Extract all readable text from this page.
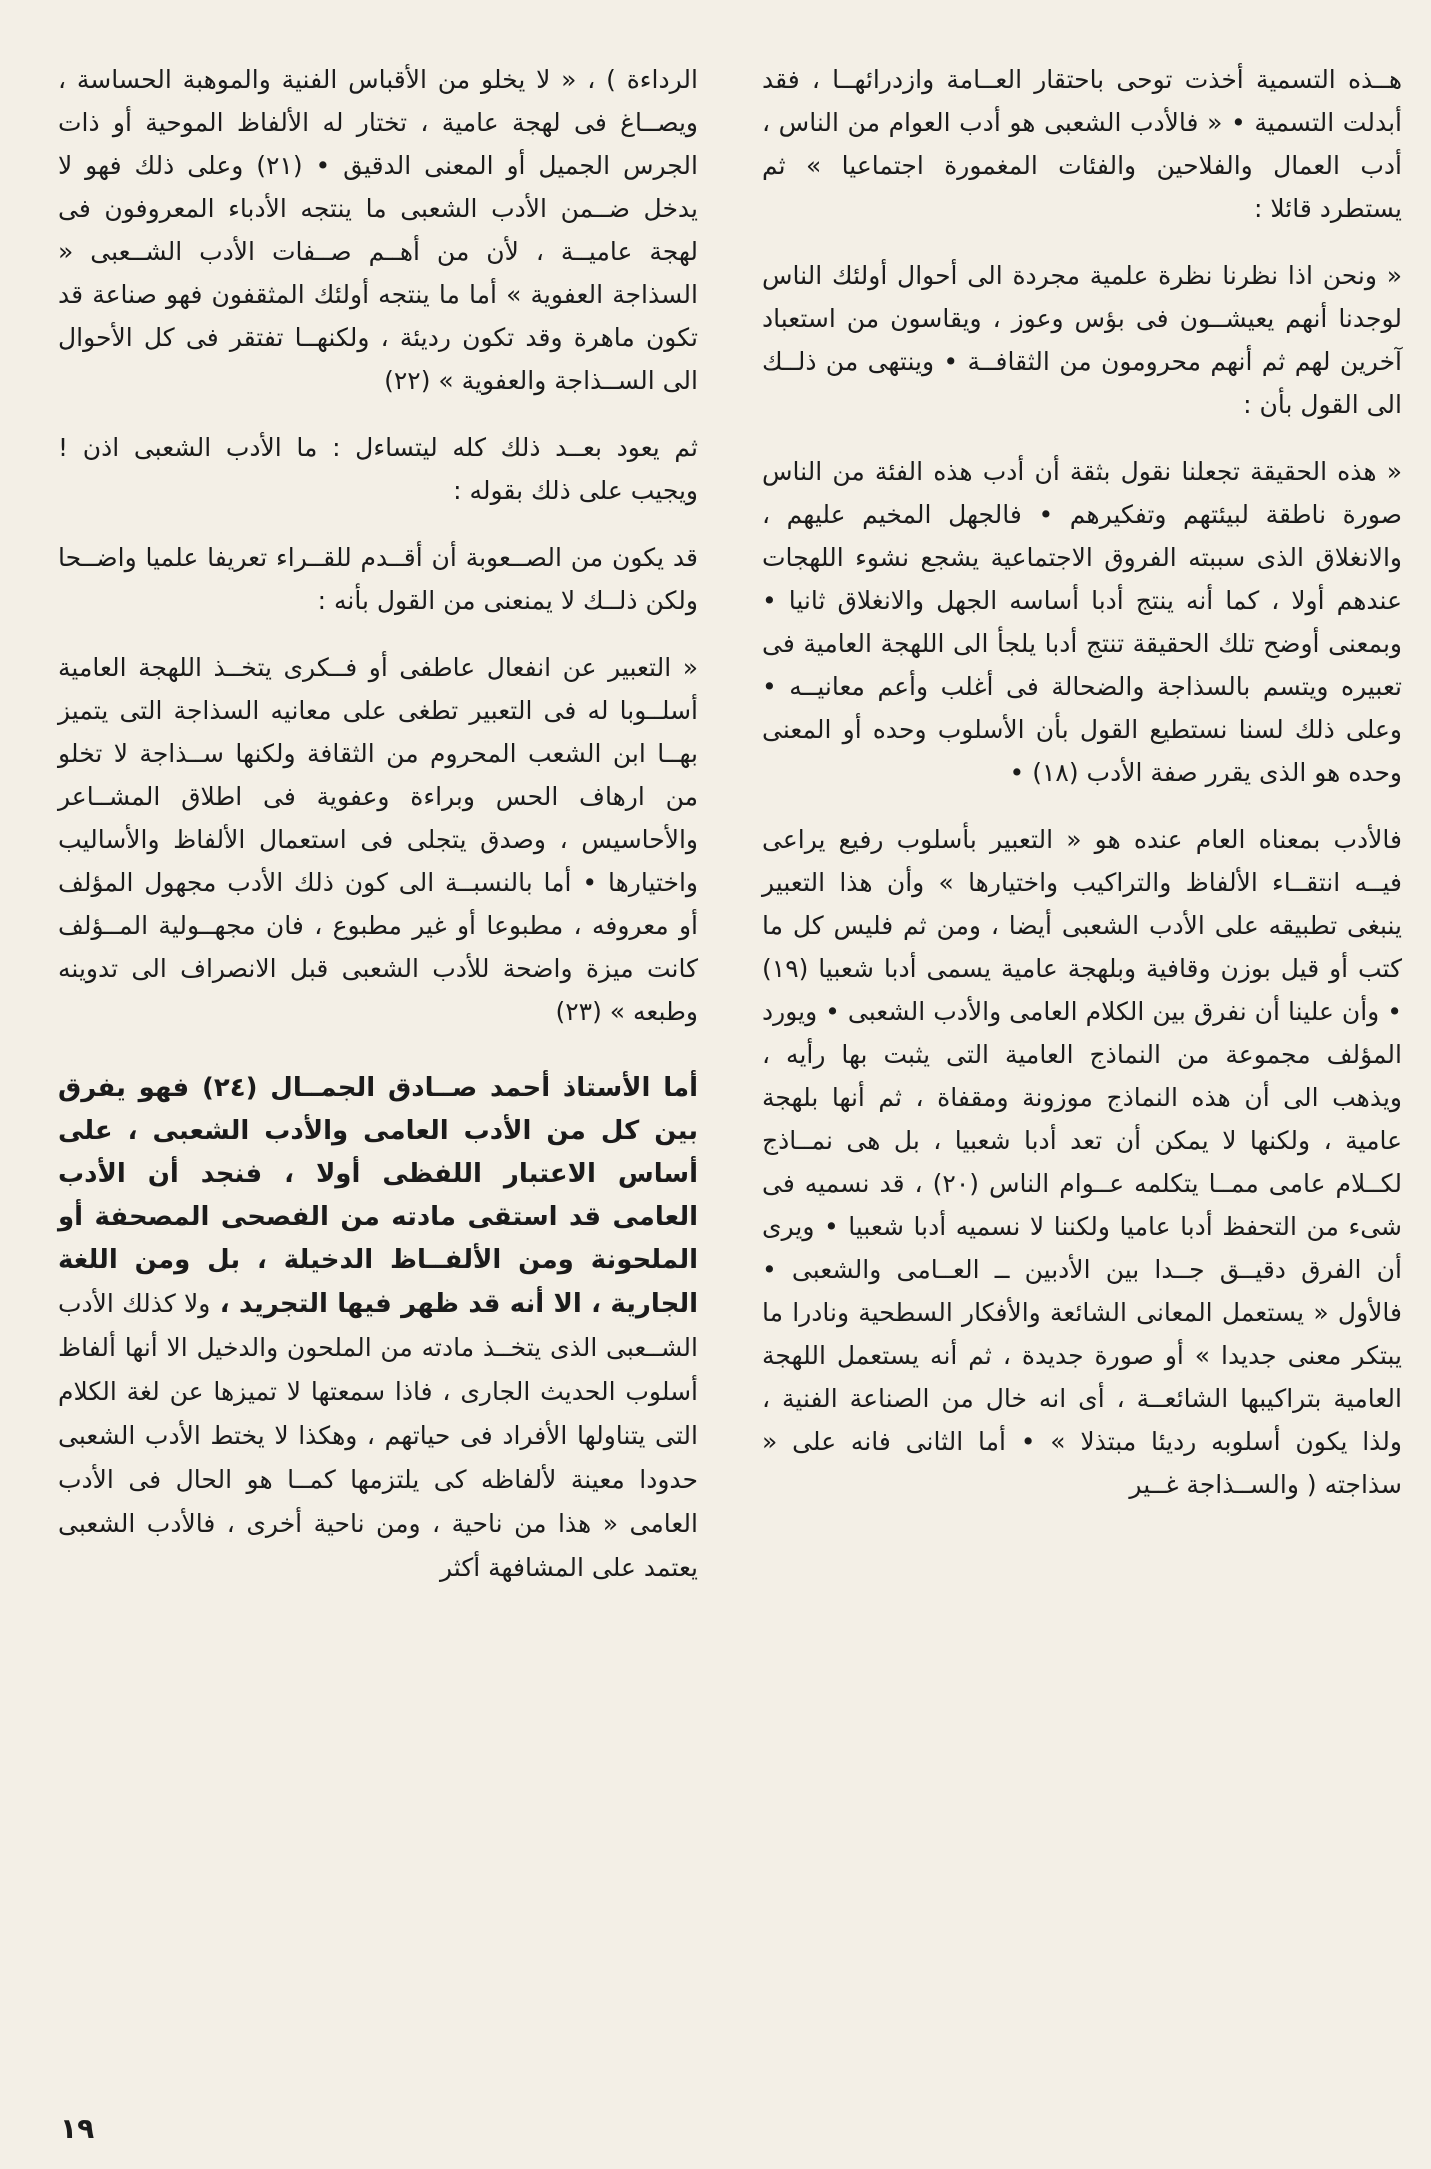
هــذه التسمية أخذت توحى باحتقار العــامة وازدرائهــا ، فقد أبدلت التسمية • « فالأدب الشعبى هو أدب العوام من الناس ، أدب العمال والفلاحين والفئات المغمورة اجتماعيا » ثم يستطرد قائلا :

« ونحن اذا نظرنا نظرة علمية مجردة الى أحوال أولئك الناس لوجدنا أنهم يعيشــون فى بؤس وعوز ، ويقاسون من استعباد آخرين لهم ثم أنهم محرومون من الثقافــة • وينتهى من ذلــك الى القول بأن :

« هذه الحقيقة تجعلنا نقول بثقة أن أدب هذه الفئة من الناس صورة ناطقة لبيئتهم وتفكيرهم • فالجهل المخيم عليهم ، والانغلاق الذى سببته الفروق الاجتماعية يشجع نشوء اللهجات عندهم أولا ، كما أنه ينتج أدبا أساسه الجهل والانغلاق ثانيا • وبمعنى أوضح تلك الحقيقة تنتج أدبا يلجأ الى اللهجة العامية فى تعبيره ويتسم بالسذاجة والضحالة فى أغلب وأعم معانيــه • وعلى ذلك لسنا نستطيع القول بأن الأسلوب وحده أو المعنى وحده هو الذى يقرر صفة الأدب (١٨) •

فالأدب بمعناه العام عنده هو « التعبير بأسلوب رفيع يراعى فيــه انتقــاء الألفاظ والتراكيب واختيارها » وأن هذا التعبير ينبغى تطبيقه على الأدب الشعبى أيضا ، ومن ثم فليس كل ما كتب أو قيل بوزن وقافية وبلهجة عامية يسمى أدبا شعبيا (١٩) • وأن علينا أن نفرق بين الكلام العامى والأدب الشعبى • ويورد المؤلف مجموعة من النماذج العامية التى يثبت بها رأيه ، ويذهب الى أن هذه النماذج موزونة ومقفاة ، ثم أنها بلهجة عامية ، ولكنها لا يمكن أن تعد أدبا شعبيا ، بل هى نمــاذج لكــلام عامى ممــا يتكلمه عــوام الناس (٢٠) ، قد نسميه فى شىء من التحفظ أدبا عاميا ولكننا لا نسميه أدبا شعبيا • ويرى أن الفرق دقيــق جــدا بين الأدبين ــ العــامى والشعبى • فالأول « يستعمل المعانى الشائعة والأفكار السطحية ونادرا ما يبتكر معنى جديدا » أو صورة جديدة ، ثم أنه يستعمل اللهجة العامية بتراكيبها الشائعــة ، أى انه خال من الصناعة الفنية ، ولذا يكون أسلوبه رديئا مبتذلا » • أما الثانى فانه على « سذاجته ( والســذاجة غــير

الرداءة ) ، « لا يخلو من الأقباس الفنية والموهبة الحساسة ، ويصــاغ فى لهجة عامية ، تختار له الألفاظ الموحية أو ذات الجرس الجميل أو المعنى الدقيق • (٢١) وعلى ذلك فهو لا يدخل ضــمن الأدب الشعبى ما ينتجه الأدباء المعروفون فى لهجة عاميــة ، لأن من أهــم صــفات الأدب الشــعبى « السذاجة العفوية » أما ما ينتجه أولئك المثقفون فهو صناعة قد تكون ماهرة وقد تكون رديئة ، ولكنهــا تفتقر فى كل الأحوال الى الســذاجة والعفوية » (٢٢)

ثم يعود بعــد ذلك كله ليتساءل : ما الأدب الشعبى اذن ! ويجيب على ذلك بقوله :

قد يكون من الصــعوبة أن أقــدم للقــراء تعريفا علميا واضــحا ولكن ذلــك لا يمنعنى من القول بأنه :

« التعبير عن انفعال عاطفى أو فــكرى يتخــذ اللهجة العامية أسلــوبا له فى التعبير تطغى على معانيه السذاجة التى يتميز بهــا ابن الشعب المحروم من الثقافة ولكنها ســذاجة لا تخلو من ارهاف الحس وبراءة وعفوية فى اطلاق المشــاعر والأحاسيس ، وصدق يتجلى فى استعمال الألفاظ والأساليب واختيارها • أما بالنسبــة الى كون ذلك الأدب مجهول المؤلف أو معروفه ، مطبوعا أو غير مطبوع ، فان مجهــولية المــؤلف كانت ميزة واضحة للأدب الشعبى قبل الانصراف الى تدوينه وطبعه » (٢٣)

أما الأستاذ أحمد صــادق الجمــال (٢٤) فهو يفرق بين كل من الأدب العامى والأدب الشعبى ، على أساس الاعتبار اللفظى أولا ، فنجد أن الأدب العامى قد استقى مادته من الفصحى المصحفة أو الملحونة ومن الألفــاظ الدخيلة ، بل ومن اللغة الجارية ، الا أنه قد ظهر فيها التجريد ، ولا كذلك الأدب الشــعبى الذى يتخــذ مادته من الملحون والدخيل الا أنها ألفاظ أسلوب الحديث الجارى ، فاذا سمعتها لا تميزها عن لغة الكلام التى يتناولها الأفراد فى حياتهم ، وهكذا لا يختط الأدب الشعبى حدودا معينة لألفاظه كى يلتزمها كمــا هو الحال فى الأدب العامى « هذا من ناحية ، ومن ناحية أخرى ، فالأدب الشعبى يعتمد على المشافهة أكثر

١٩
